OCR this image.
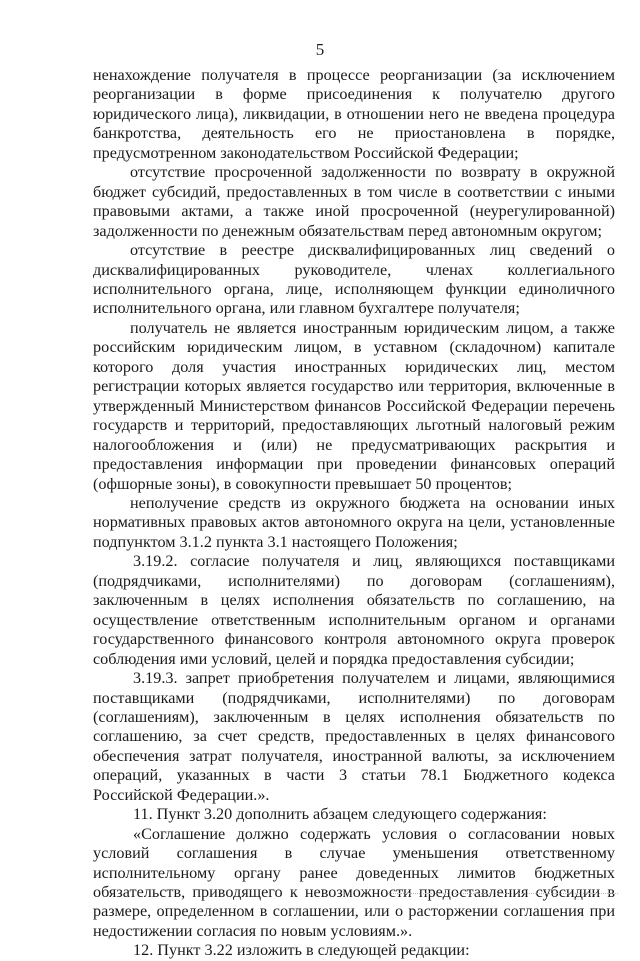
5

ненахождение получателя в процессе реорганизации (за исключением реорганизации в форме присоединения к получателю другого юридического лица), ликвидации, в отношении него не введена процедура банкротства, деятельность его не приостановлена в порядке, предусмотренном законодательством Российской Федерации;

отсутствие просроченной задолженности по возврату в окружной бюджет субсидий, предоставленных в том числе в соответствии с иными правовыми актами, а также иной просроченной (неурегулированной) задолженности по денежным обязательствам перед автономным округом;

отсутствие в реестре дисквалифицированных лиц сведений о дисквалифицированных руководителе, членах коллегиального исполнительного органа, лице, исполняющем функции единоличного исполнительного органа, или главном бухгалтере получателя;

получатель не является иностранным юридическим лицом, а также российским юридическим лицом, в уставном (складочном) капитале которого доля участия иностранных юридических лиц, местом регистрации которых является государство или территория, включенные в утвержденный Министерством финансов Российской Федерации перечень государств и территорий, предоставляющих льготный налоговый режим налогообложения и (или) не предусматривающих раскрытия и предоставления информации при проведении финансовых операций (офшорные зоны), в совокупности превышает 50 процентов;

неполучение средств из окружного бюджета на основании иных нормативных правовых актов автономного округа на цели, установленные подпунктом 3.1.2 пункта 3.1 настоящего Положения;

3.19.2. согласие получателя и лиц, являющихся поставщиками (подрядчиками, исполнителями) по договорам (соглашениям), заключенным в целях исполнения обязательств по соглашению, на осуществление ответственным исполнительным органом и органами государственного финансового контроля автономного округа проверок соблюдения ими условий, целей и порядка предоставления субсидии;

3.19.3. запрет приобретения получателем и лицами, являющимися поставщиками (подрядчиками, исполнителями) по договорам (соглашениям), заключенным в целях исполнения обязательств по соглашению, за счет средств, предоставленных в целях финансового обеспечения затрат получателя, иностранной валюты, за исключением операций, указанных в части 3 статьи 78.1 Бюджетного кодекса Российской Федерации.».

11. Пункт 3.20 дополнить абзацем следующего содержания:

«Соглашение должно содержать условия о согласовании новых условий соглашения в случае уменьшения ответственному исполнительному органу ранее доведенных лимитов бюджетных обязательств, приводящего к невозможности предоставления субсидии в размере, определенном в соглашении, или о расторжении соглашения при недостижении согласия по новым условиям.».

12. Пункт 3.22 изложить в следующей редакции:
